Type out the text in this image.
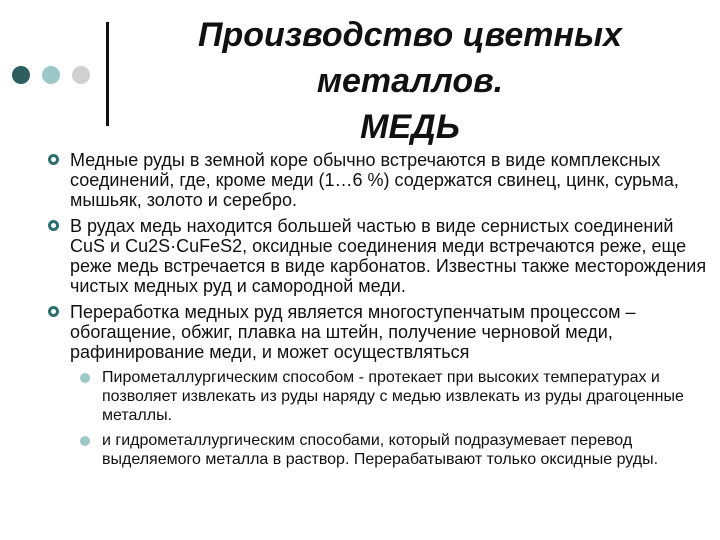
Производство цветных
металлов.
МЕДЬ
Медные руды в земной коре обычно встречаются в виде комплексных соединений, где, кроме меди (1…6 %) содержатся свинец, цинк, сурьма, мышьяк, золото и серебро.
В рудах медь находится большей частью в виде сернистых соединений CuS и Cu2S·CuFeS2, оксидные соединения меди встречаются реже, еще реже медь встречается в виде карбонатов. Известны также месторождения чистых медных руд и самородной меди.
Переработка медных руд является многоступенчатым процессом – обогащение, обжиг, плавка на штейн, получение черновой меди, рафинирование меди, и может осуществляться
Пирометаллургическим способом - протекает при высоких температурах и позволяет извлекать из руды наряду с медью извлекать из руды драгоценные металлы.
и гидрометаллургическим способами, который подразумевает перевод выделяемого металла в раствор. Перерабатывают только оксидные руды.
